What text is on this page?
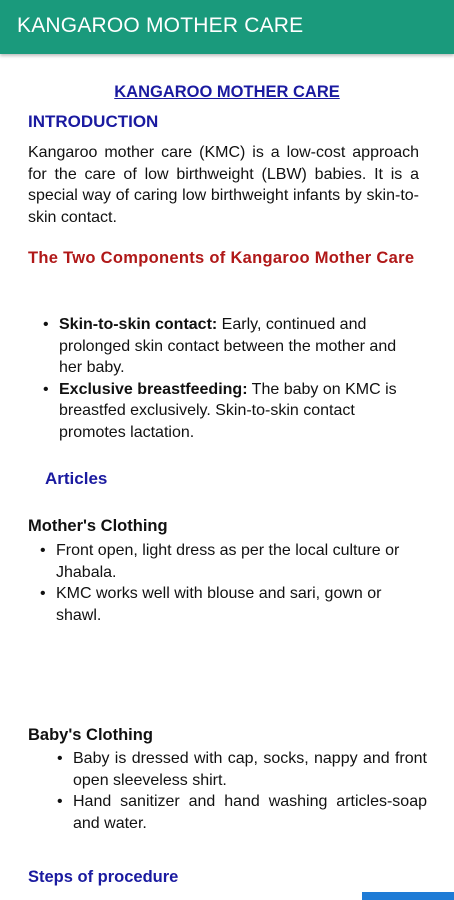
KANGAROO MOTHER CARE
KANGAROO MOTHER CARE
INTRODUCTION
Kangaroo mother care (KMC) is a low-cost approach for the care of low birthweight (LBW) babies. It is a special way of caring low birthweight infants by skin-to-skin contact.
The Two Components of Kangaroo Mother Care
• Skin-to-skin contact: Early, continued and prolonged skin contact between the mother and her baby.
• Exclusive breastfeeding: The baby on KMC is breastfed exclusively. Skin-to-skin contact promotes lactation.
Articles
Mother's Clothing
• Front open, light dress as per the local culture or Jhabala.
• KMC works well with blouse and sari, gown or shawl.
Baby's Clothing
• Baby is dressed with cap, socks, nappy and front open sleeveless shirt.
• Hand sanitizer and hand washing articles-soap and water.
Steps of procedure
